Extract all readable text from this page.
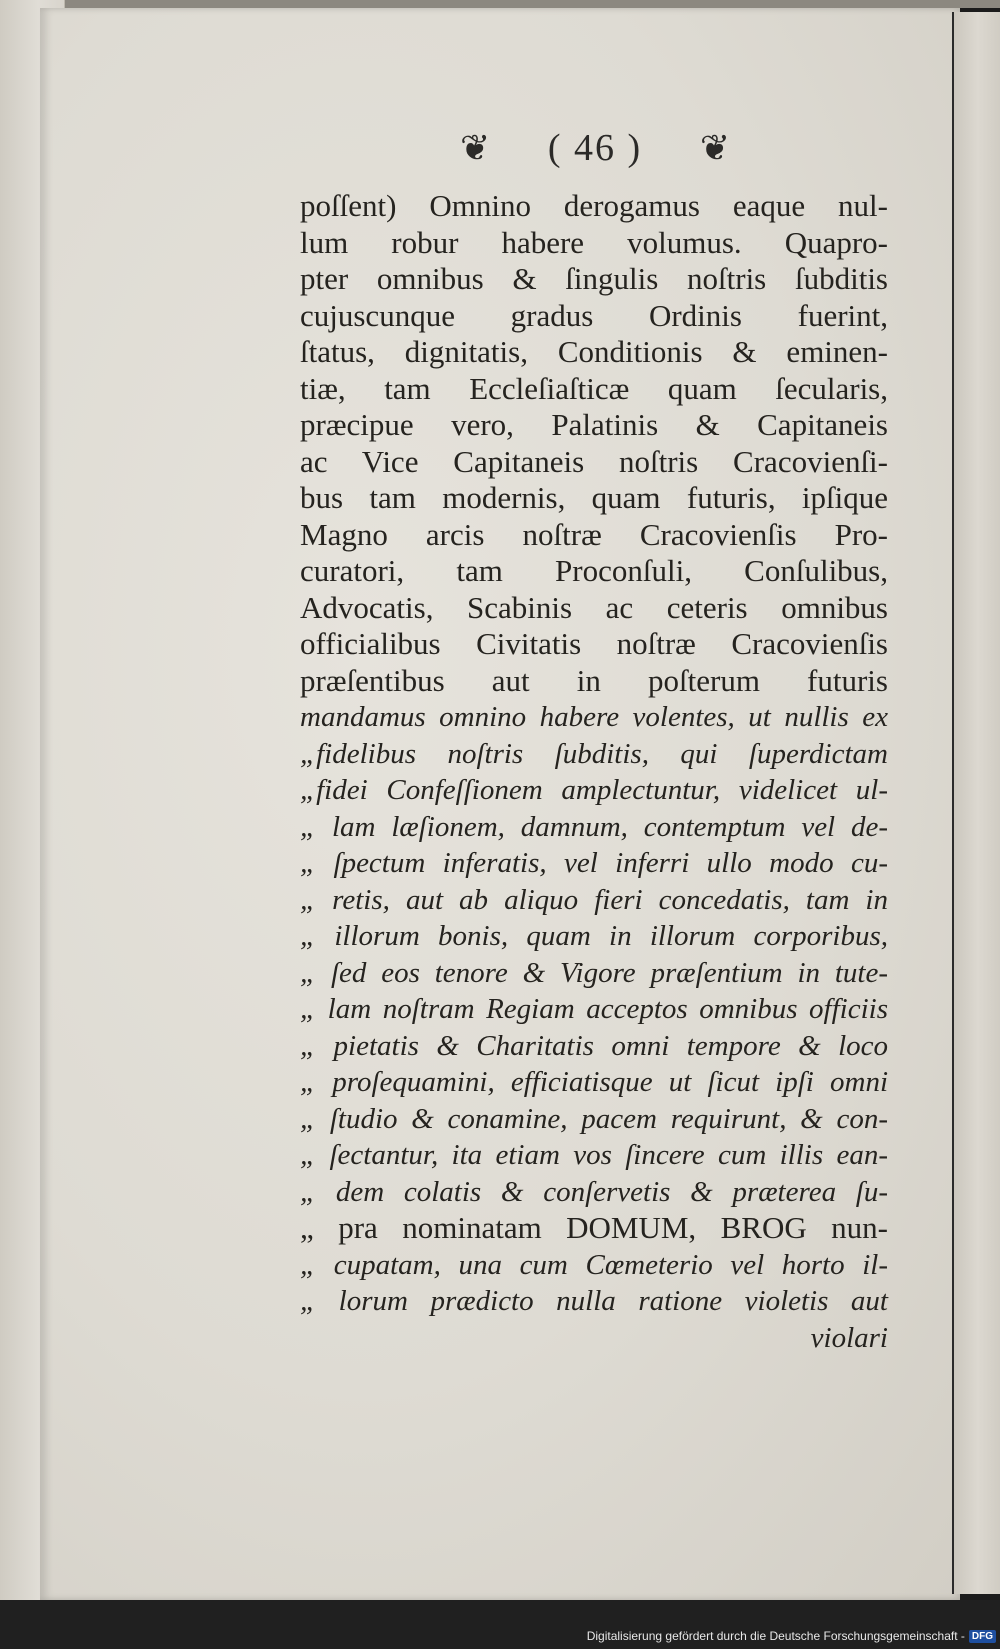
❦ ( 46 ) ❦
poſſent) Omnino derogamus eaque nul-
lum robur habere volumus. Quapro-
pter omnibus & ſingulis noſtris ſubditis
cujuscunque gradus Ordinis fuerint,
ſtatus, dignitatis, Conditionis & eminen-
tiæ, tam Eccleſiaſticæ quam ſecularis,
præcipue vero, Palatinis & Capitaneis
ac Vice Capitaneis noſtris Cracovienſi-
bus tam modernis, quam futuris, ipſique
Magno arcis noſtræ Cracovienſis Pro-
curatori, tam Proconſuli, Conſulibus,
Advocatis, Scabinis ac ceteris omnibus
officialibus Civitatis noſtræ Cracovienſis
præſentibus aut in poſterum futuris
mandamus omnino habere volentes, ut nullis ex
„fidelibus noſtris ſubditis, qui ſuperdictam
„fidei Confeſſionem amplectuntur, videlicet ul-
„ lam læſionem, damnum, contemptum vel de-
„ ſpectum inferatis, vel inferri ullo modo cu-
„ retis, aut ab aliquo fieri concedatis, tam in
„ illorum bonis, quam in illorum corporibus,
„ ſed eos tenore & Vigore præſentium in tute-
„ lam noſtram Regiam acceptos omnibus officiis
„ pietatis & Charitatis omni tempore & loco
„ proſequamini, efficiatisque ut ſicut ipſi omni
„ ſtudio & conamine, pacem requirunt, & con-
„ ſectantur, ita etiam vos ſincere cum illis ean-
„ dem colatis & conſervetis & præterea ſu-
„ pra nominatam DOMUM, BROG nun-
„ cupatam, una cum Cœmeterio vel horto il-
„ lorum prædicto nulla ratione violetis aut
violari
Digitalisierung gefördert durch die Deutsche Forschungsgemeinschaft - DFG
